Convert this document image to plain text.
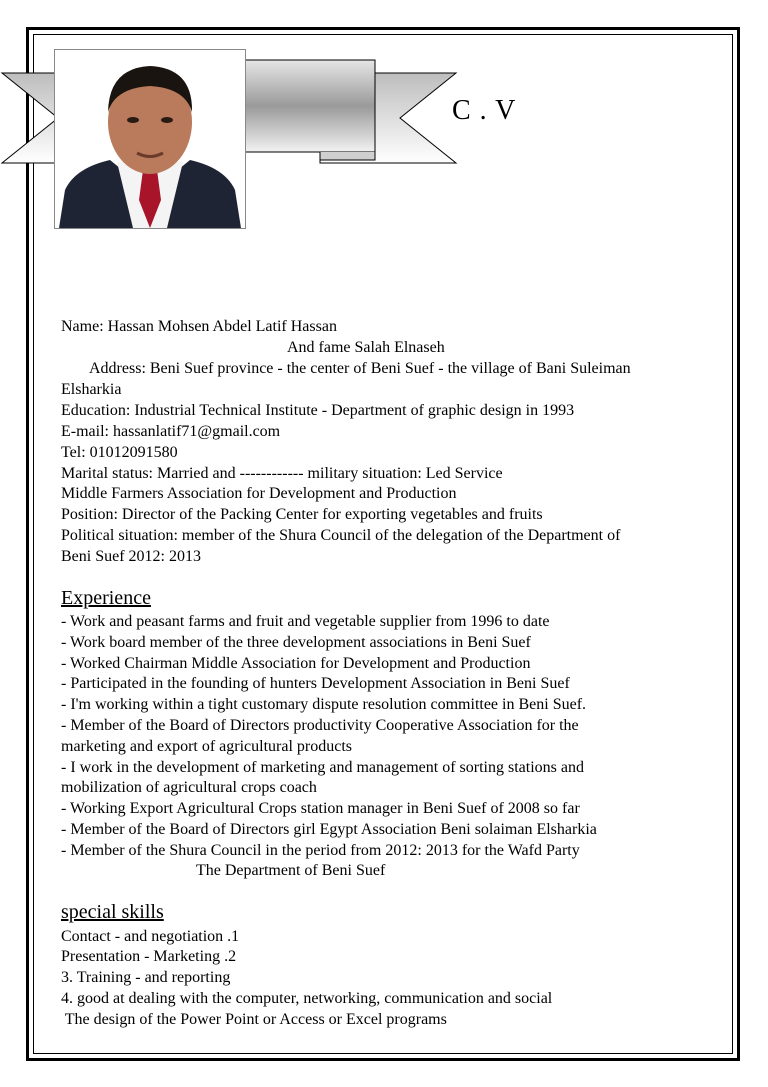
C . V
Name: Hassan Mohsen Abdel Latif Hassan
And fame Salah Elnaseh
Address: Beni Suef province - the center of Beni Suef - the village of Bani Suleiman
Elsharkia
Education: Industrial Technical Institute - Department of graphic design in 1993
E-mail: hassanlatif71@gmail.com
Tel: 01012091580
Marital status: Married and ------------ military situation: Led Service
Middle Farmers Association for Development and Production
Position: Director of the Packing Center for exporting vegetables and fruits
Political situation: member of the Shura Council of the delegation of the Department of
Beni Suef 2012: 2013
Experience
- Work and peasant farms and fruit and vegetable supplier from 1996 to date
- Work board member of the three development associations in Beni Suef
- Worked Chairman Middle Association for Development and Production
- Participated in the founding of hunters Development Association in Beni Suef
- I'm working within a tight customary dispute resolution committee in Beni Suef.
- Member of the Board of Directors productivity Cooperative Association for the
marketing and export of agricultural products
- I work in the development of marketing and management of sorting stations and
mobilization of agricultural crops coach
- Working Export Agricultural Crops station manager in Beni Suef of 2008 so far
- Member of the Board of Directors girl Egypt Association Beni solaiman Elsharkia
- Member of the Shura Council in the period from 2012: 2013 for the Wafd Party
The Department of Beni Suef
special skills
Contact - and negotiation .1
Presentation - Marketing .2
3. Training - and reporting
4. good at dealing with the computer, networking, communication and social
The design of the Power Point or Access or Excel programs
